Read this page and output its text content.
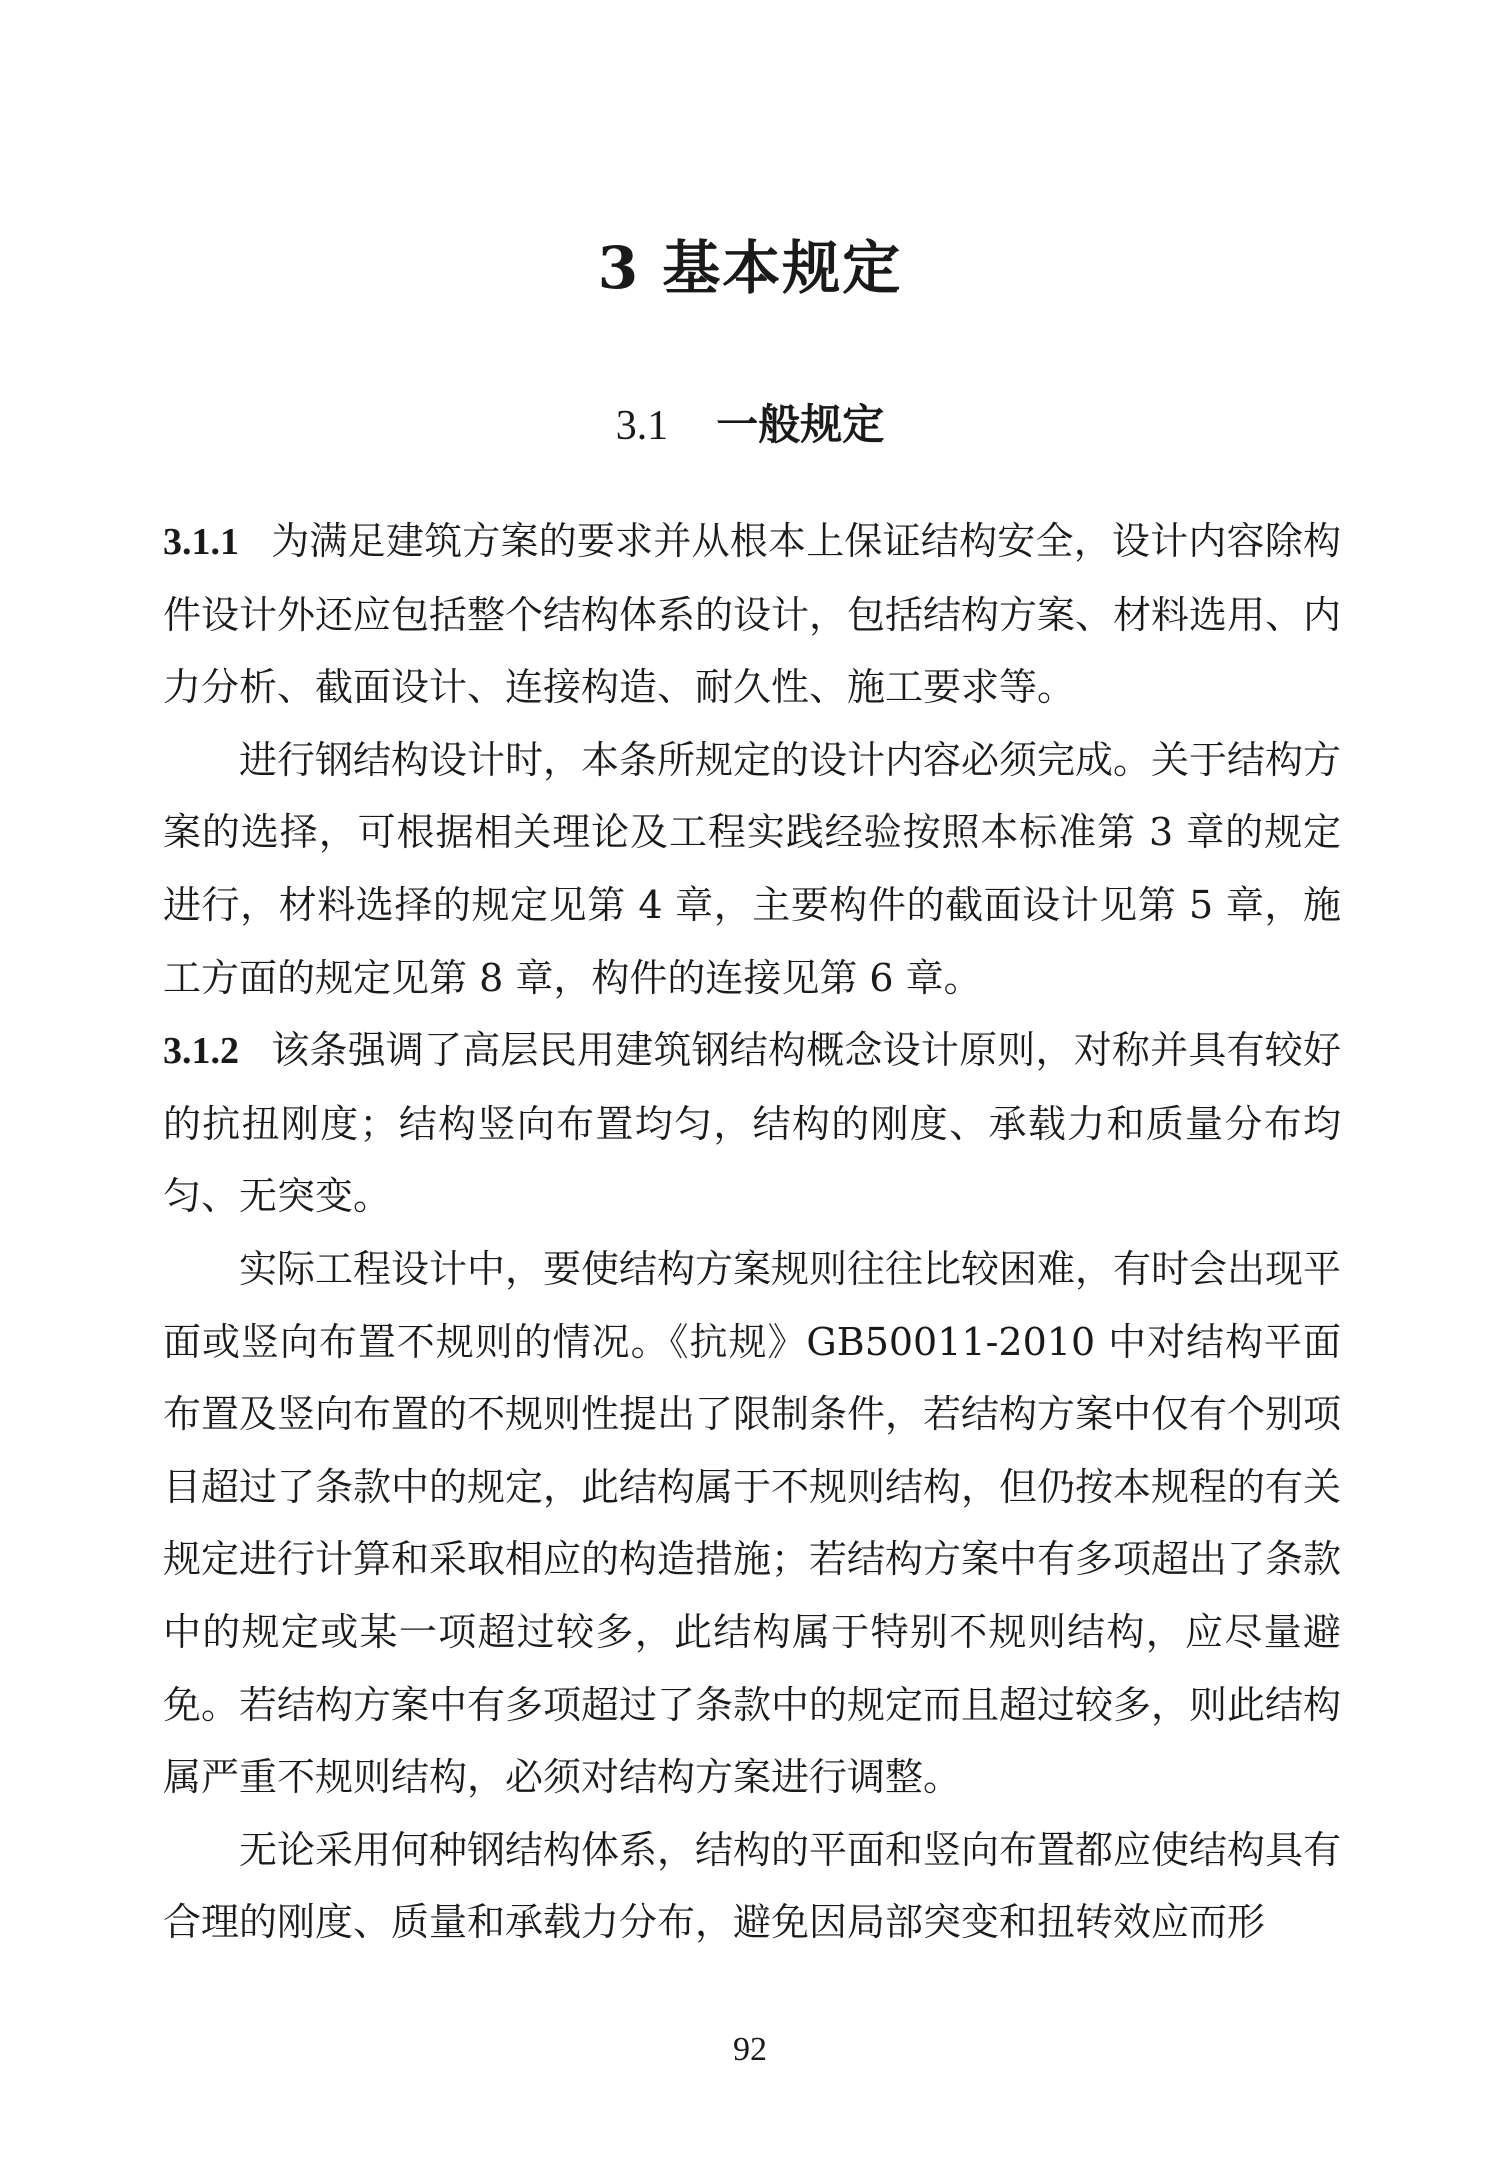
3 基本规定
3.1 一般规定

3.1.1 为满足建筑方案的要求并从根本上保证结构安全，设计内容除构件设计外还应包括整个结构体系的设计，包括结构方案、材料选用、内力分析、截面设计、连接构造、耐久性、施工要求等。

进行钢结构设计时，本条所规定的设计内容必须完成。关于结构方案的选择，可根据相关理论及工程实践经验按照本标准第 3 章的规定进行，材料选择的规定见第 4 章，主要构件的截面设计见第 5 章，施工方面的规定见第 8 章，构件的连接见第 6 章。

3.1.2 该条强调了高层民用建筑钢结构概念设计原则，对称并具有较好的抗扭刚度；结构竖向布置均匀，结构的刚度、承载力和质量分布均匀、无突变。

实际工程设计中，要使结构方案规则往往比较困难，有时会出现平面或竖向布置不规则的情况。《抗规》GB50011-2010 中对结构平面布置及竖向布置的不规则性提出了限制条件，若结构方案中仅有个别项目超过了条款中的规定，此结构属于不规则结构，但仍按本规程的有关规定进行计算和采取相应的构造措施；若结构方案中有多项超出了条款中的规定或某一项超过较多，此结构属于特别不规则结构，应尽量避免。若结构方案中有多项超过了条款中的规定而且超过较多，则此结构属严重不规则结构，必须对结构方案进行调整。

无论采用何种钢结构体系，结构的平面和竖向布置都应使结构具有合理的刚度、质量和承载力分布，避免因局部突变和扭转效应而形

92
